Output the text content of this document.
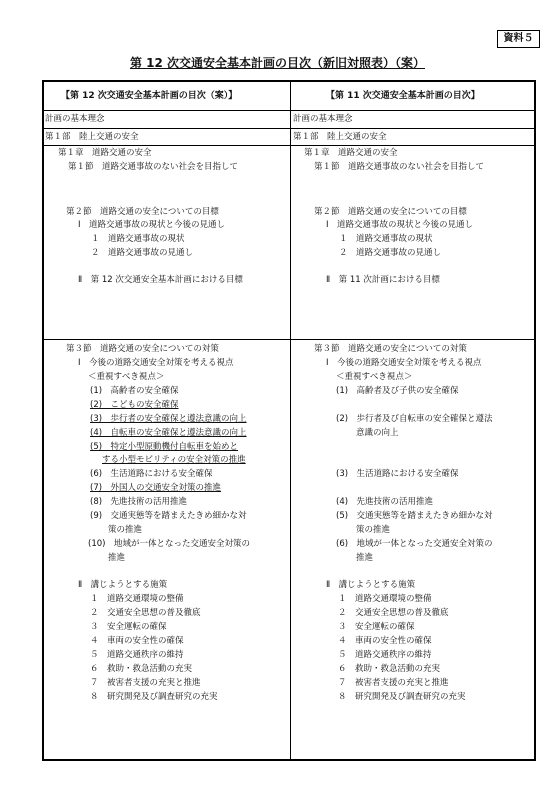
資料５
第 12 次交通安全基本計画の目次（新旧対照表）（案）
【第 12 次交通安全基本計画の目次（案）】
計画の基本理念
第１部　陸上交通の安全
第１章　道路交通の安全
第１節　道路交通事故のない社会を目指して
第２節　道路交通の安全についての目標
Ⅰ　道路交通事故の現状と今後の見通し
１　道路交通事故の現状
２　道路交通事故の見通し
Ⅱ　第 12 次交通安全基本計画における目標
第３節　道路交通の安全についての対策
Ⅰ　今後の道路交通安全対策を考える視点
＜重視すべき視点＞
(1)　高齢者の安全確保
(2)　こどもの安全確保
(3)　歩行者の安全確保と遵法意識の向上
(4)　自転車の安全確保と遵法意識の向上
(5)　特定小型原動機付自転車を始めと
する小型モビリティの安全対策の推進
(6)　生活道路における安全確保
(7)　外国人の交通安全対策の推進
(8)　先進技術の活用推進
(9)　交通実態等を踏まえたきめ細かな対
策の推進
(10)　地域が一体となった交通安全対策の
推進
Ⅱ　講じようとする施策
１　道路交通環境の整備
２　交通安全思想の普及徹底
３　安全運転の確保
４　車両の安全性の確保
５　道路交通秩序の維持
６　救助・救急活動の充実
７　被害者支援の充実と推進
８　研究開発及び調査研究の充実
【第 11 次交通安全基本計画の目次】
計画の基本理念
第１部　陸上交通の安全
第１章　道路交通の安全
第１節　道路交通事故のない社会を目指して
第２節　道路交通の安全についての目標
Ⅰ　道路交通事故の現状と今後の見通し
１　道路交通事故の現状
２　道路交通事故の見通し
Ⅱ　第 11 次計画における目標
第３節　道路交通の安全についての対策
Ⅰ　今後の道路交通安全対策を考える視点
＜重視すべき視点＞
(1)　高齢者及び子供の安全確保
(2)　歩行者及び自転車の安全確保と遵法
意識の向上
(3)　生活道路における安全確保
(4)　先進技術の活用推進
(5)　交通実態等を踏まえたきめ細かな対
策の推進
(6)　地域が一体となった交通安全対策の
推進
Ⅱ　講じようとする施策
１　道路交通環境の整備
２　交通安全思想の普及徹底
３　安全運転の確保
４　車両の安全性の確保
５　道路交通秩序の維持
６　救助・救急活動の充実
７　被害者支援の充実と推進
８　研究開発及び調査研究の充実
